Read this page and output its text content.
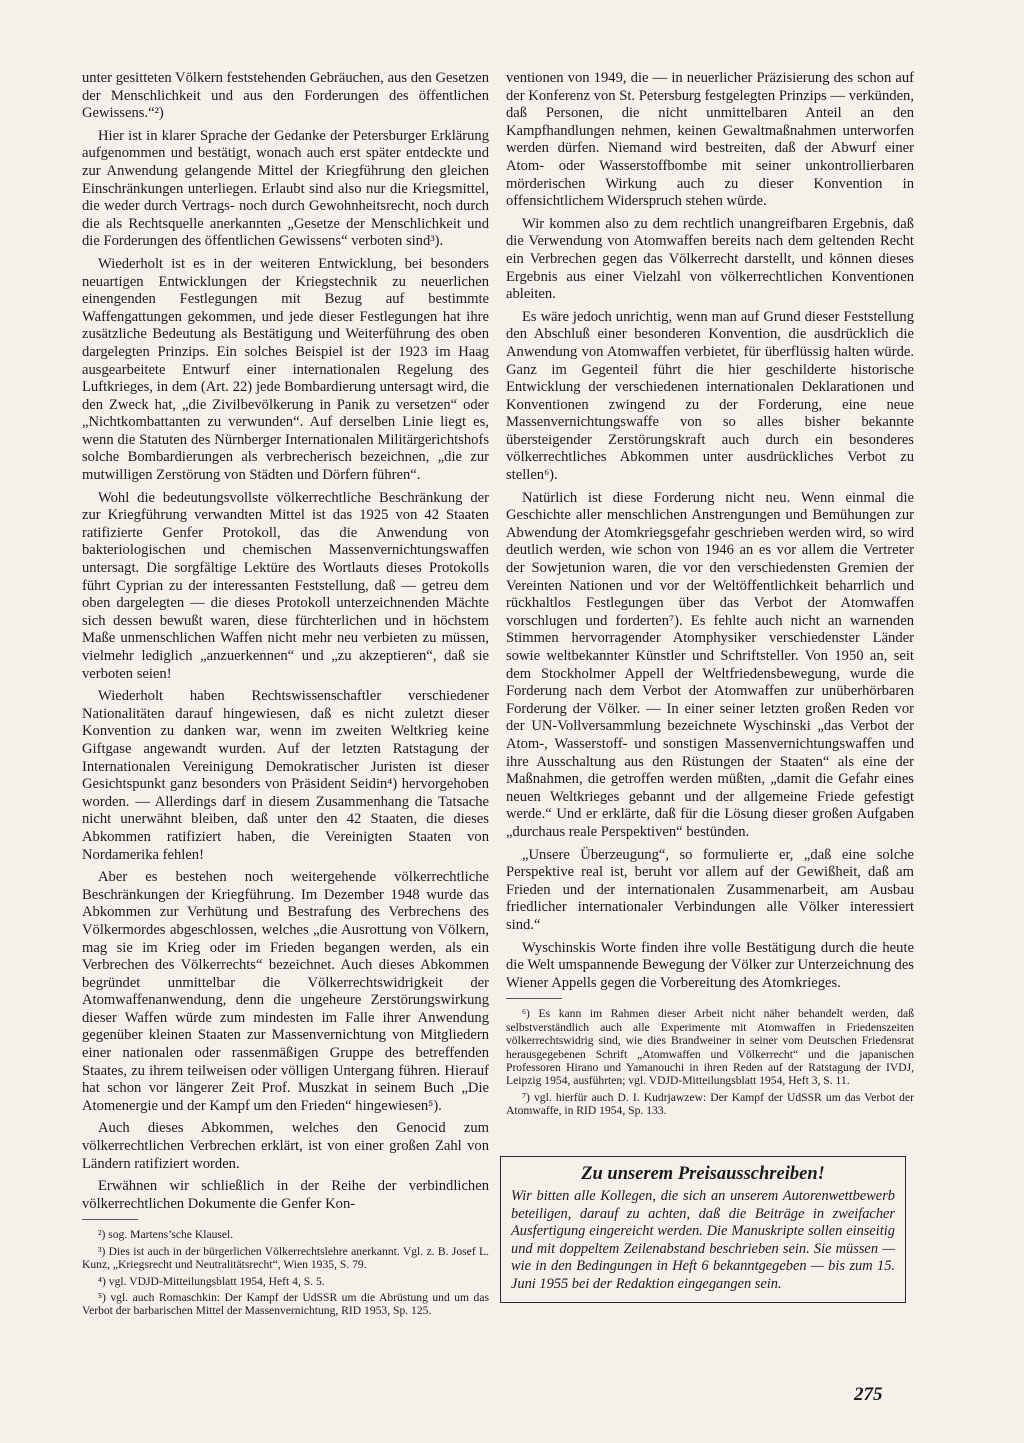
unter gesitteten Völkern feststehenden Gebräuchen, aus den Gesetzen der Menschlichkeit und aus den Forderungen des öffentlichen Gewissens.“²)

Hier ist in klarer Sprache der Gedanke der Petersburger Erklärung aufgenommen und bestätigt, wonach auch erst später entdeckte und zur Anwendung gelangende Mittel der Kriegführung den gleichen Einschränkungen unterliegen. Erlaubt sind also nur die Kriegsmittel, die weder durch Vertrags- noch durch Gewohnheitsrecht, noch durch die als Rechtsquelle anerkannten „Gesetze der Menschlichkeit und die Forderungen des öffentlichen Gewissens“ verboten sind³).

Wiederholt ist es in der weiteren Entwicklung, bei besonders neuartigen Entwicklungen der Kriegstechnik zu neuerlichen einengenden Festlegungen mit Bezug auf bestimmte Waffengattungen gekommen, und jede dieser Festlegungen hat ihre zusätzliche Bedeutung als Bestätigung und Weiterführung des oben dargelegten Prinzips. Ein solches Beispiel ist der 1923 im Haag ausgearbeitete Entwurf einer internationalen Regelung des Luftkrieges, in dem (Art. 22) jede Bombardierung untersagt wird, die den Zweck hat, „die Zivilbevölkerung in Panik zu versetzen“ oder „Nichtkombattanten zu verwunden“. Auf derselben Linie liegt es, wenn die Statuten des Nürnberger Internationalen Militärgerichtshofs solche Bombardierungen als verbrecherisch bezeichnen, „die zur mutwilligen Zerstörung von Städten und Dörfern führen“.

Wohl die bedeutungsvollste völkerrechtliche Beschränkung der zur Kriegführung verwandten Mittel ist das 1925 von 42 Staaten ratifizierte Genfer Protokoll, das die Anwendung von bakteriologischen und chemischen Massenvernichtungswaffen untersagt. Die sorgfältige Lektüre des Wortlauts dieses Protokolls führt Cyprian zu der interessanten Feststellung, daß — getreu dem oben dargelegten — die dieses Protokoll unterzeichnenden Mächte sich dessen bewußt waren, diese fürchterlichen und in höchstem Maße unmenschlichen Waffen nicht mehr neu verbieten zu müssen, vielmehr lediglich „anzuerkennen“ und „zu akzeptieren“, daß sie verboten seien!

Wiederholt haben Rechtswissenschaftler verschiedener Nationalitäten darauf hingewiesen, daß es nicht zuletzt dieser Konvention zu danken war, wenn im zweiten Weltkrieg keine Giftgase angewandt wurden. Auf der letzten Ratstagung der Internationalen Vereinigung Demokratischer Juristen ist dieser Gesichtspunkt ganz besonders von Präsident Seidin⁴) hervorgehoben worden. — Allerdings darf in diesem Zusammenhang die Tatsache nicht unerwähnt bleiben, daß unter den 42 Staaten, die dieses Abkommen ratifiziert haben, die Vereinigten Staaten von Nordamerika fehlen!

Aber es bestehen noch weitergehende völkerrechtliche Beschränkungen der Kriegführung. Im Dezember 1948 wurde das Abkommen zur Verhütung und Bestrafung des Verbrechens des Völkermordes abgeschlossen, welches „die Ausrottung von Völkern, mag sie im Krieg oder im Frieden begangen werden, als ein Verbrechen des Völkerrechts“ bezeichnet. Auch dieses Abkommen begründet unmittelbar die Völkerrechtswidrigkeit der Atomwaffenanwendung, denn die ungeheure Zerstörungswirkung dieser Waffen würde zum mindesten im Falle ihrer Anwendung gegenüber kleinen Staaten zur Massenvernichtung von Mitgliedern einer nationalen oder rassenmäßigen Gruppe des betreffenden Staates, zu ihrem teilweisen oder völligen Untergang führen. Hierauf hat schon vor längerer Zeit Prof. Muszkat in seinem Buch „Die Atomenergie und der Kampf um den Frieden“ hingewiesen⁵).

Auch dieses Abkommen, welches den Genocid zum völkerrechtlichen Verbrechen erklärt, ist von einer großen Zahl von Ländern ratifiziert worden.

Erwähnen wir schließlich in der Reihe der verbindlichen völkerrechtlichen Dokumente die Genfer Kon-

²) sog. Martens’sche Klausel.

³) Dies ist auch in der bürgerlichen Völkerrechtslehre anerkannt. Vgl. z. B. Josef L. Kunz, „Kriegsrecht und Neutralitätsrecht“, Wien 1935, S. 79.

⁴) vgl. VDJD-Mitteilungsblatt 1954, Heft 4, S. 5.

⁵) vgl. auch Romaschkin: Der Kampf der UdSSR um die Abrüstung und um das Verbot der barbarischen Mittel der Massenvernichtung, RID 1953, Sp. 125.

ventionen von 1949, die — in neuerlicher Präzisierung des schon auf der Konferenz von St. Petersburg festgelegten Prinzips — verkünden, daß Personen, die nicht unmittelbaren Anteil an den Kampfhandlungen nehmen, keinen Gewaltmaßnahmen unterworfen werden dürfen. Niemand wird bestreiten, daß der Abwurf einer Atom- oder Wasserstoffbombe mit seiner unkontrollierbaren mörderischen Wirkung auch zu dieser Konvention in offensichtlichem Widerspruch stehen würde.

Wir kommen also zu dem rechtlich unangreifbaren Ergebnis, daß die Verwendung von Atomwaffen bereits nach dem geltenden Recht ein Verbrechen gegen das Völkerrecht darstellt, und können dieses Ergebnis aus einer Vielzahl von völkerrechtlichen Konventionen ableiten.

Es wäre jedoch unrichtig, wenn man auf Grund dieser Feststellung den Abschluß einer besonderen Konvention, die ausdrücklich die Anwendung von Atomwaffen verbietet, für überflüssig halten würde. Ganz im Gegenteil führt die hier geschilderte historische Entwicklung der verschiedenen internationalen Deklarationen und Konventionen zwingend zu der Forderung, eine neue Massenvernichtungswaffe von so alles bisher bekannte übersteigender Zerstörungskraft auch durch ein besonderes völkerrechtliches Abkommen unter ausdrückliches Verbot zu stellen⁶).

Natürlich ist diese Forderung nicht neu. Wenn einmal die Geschichte aller menschlichen Anstrengungen und Bemühungen zur Abwendung der Atomkriegsgefahr geschrieben werden wird, so wird deutlich werden, wie schon von 1946 an es vor allem die Vertreter der Sowjetunion waren, die vor den verschiedensten Gremien der Vereinten Nationen und vor der Weltöffentlichkeit beharrlich und rückhaltlos Festlegungen über das Verbot der Atomwaffen vorschlugen und forderten⁷). Es fehlte auch nicht an warnenden Stimmen hervorragender Atomphysiker verschiedenster Länder sowie weltbekannter Künstler und Schriftsteller. Von 1950 an, seit dem Stockholmer Appell der Weltfriedensbewegung, wurde die Forderung nach dem Verbot der Atomwaffen zur unüberhörbaren Forderung der Völker. — In einer seiner letzten großen Reden vor der UN-Vollversammlung bezeichnete Wyschinski „das Verbot der Atom-, Wasserstoff- und sonstigen Massenvernichtungswaffen und ihre Ausschaltung aus den Rüstungen der Staaten“ als eine der Maßnahmen, die getroffen werden müßten, „damit die Gefahr eines neuen Weltkrieges gebannt und der allgemeine Friede gefestigt werde.“ Und er erklärte, daß für die Lösung dieser großen Aufgaben „durchaus reale Perspektiven“ bestünden.

„Unsere Überzeugung“, so formulierte er, „daß eine solche Perspektive real ist, beruht vor allem auf der Gewißheit, daß am Frieden und der internationalen Zusammenarbeit, am Ausbau friedlicher internationaler Verbindungen alle Völker interessiert sind.“

Wyschinskis Worte finden ihre volle Bestätigung durch die heute die Welt umspannende Bewegung der Völker zur Unterzeichnung des Wiener Appells gegen die Vorbereitung des Atomkrieges.

⁶) Es kann im Rahmen dieser Arbeit nicht näher behandelt werden, daß selbstverständlich auch alle Experimente mit Atomwaffen in Friedenszeiten völkerrechtswidrig sind, wie dies Brandweiner in seiner vom Deutschen Friedensrat herausgegebenen Schrift „Atomwaffen und Völkerrecht“ und die japanischen Professoren Hirano und Yamanouchi in ihren Reden auf der Ratstagung der IVDJ, Leipzig 1954, ausführten; vgl. VDJD-Mitteilungsblatt 1954, Heft 3, S. 11.

⁷) vgl. hierfür auch D. I. Kudrjawzew: Der Kampf der UdSSR um das Verbot der Atomwaffe, in RID 1954, Sp. 133.

Zu unserem Preisausschreiben!

Wir bitten alle Kollegen, die sich an unserem Autorenwettbewerb beteiligen, darauf zu achten, daß die Beiträge in zweifacher Ausfertigung eingereicht werden. Die Manuskripte sollen einseitig und mit doppeltem Zeilenabstand beschrieben sein. Sie müssen — wie in den Bedingungen in Heft 6 bekanntgegeben — bis zum 15. Juni 1955 bei der Redaktion eingegangen sein.

275
